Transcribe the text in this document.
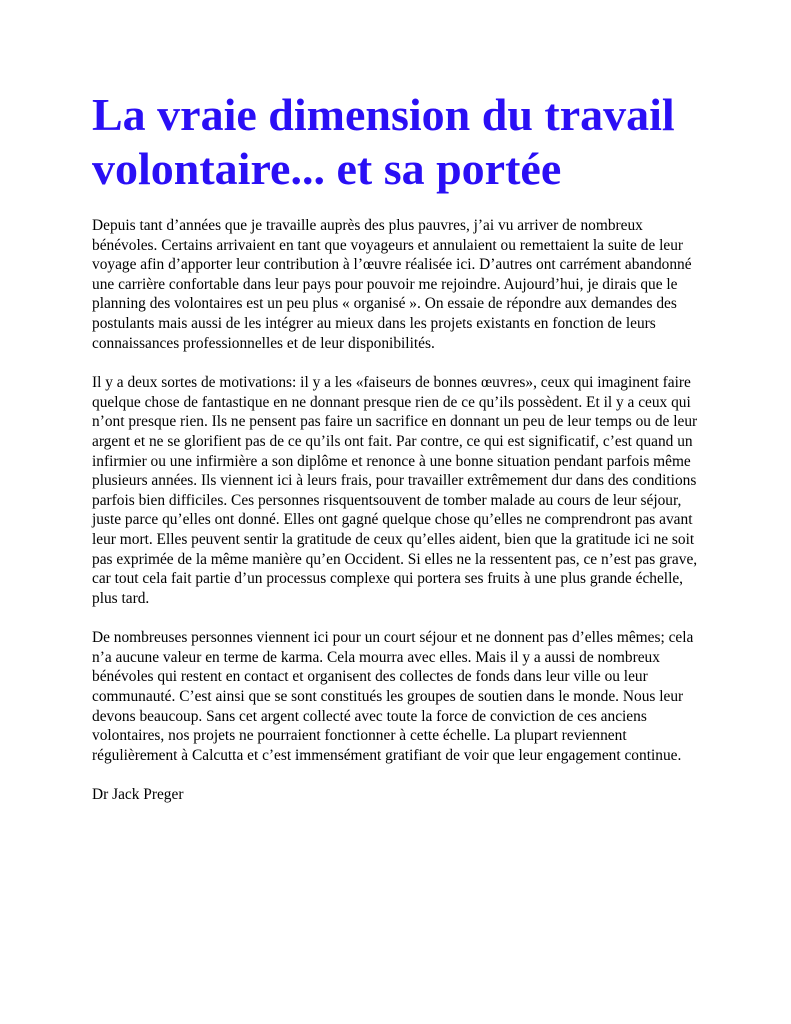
La vraie dimension du travail volontaire... et sa portée

Depuis tant d’années que je travaille auprès des plus pauvres, j’ai vu arriver de nombreux bénévoles. Certains arrivaient en tant que voyageurs et annulaient ou remettaient la suite de leur voyage afin d’apporter leur contribution à l’œuvre réalisée ici. D’autres ont carrément abandonné une carrière confortable dans leur pays pour pouvoir me rejoindre. Aujourd’hui, je dirais que le planning des volontaires est un peu plus « organisé ». On essaie de répondre aux demandes des postulants mais aussi de les intégrer au mieux dans les projets existants en fonction de leurs connaissances professionnelles et de leur disponibilités.

Il y a deux sortes de motivations: il y a les «faiseurs de bonnes œuvres», ceux qui imaginent faire quelque chose de fantastique en ne donnant presque rien de ce qu’ils possèdent. Et il y a ceux qui n’ont presque rien. Ils ne pensent pas faire un sacrifice en donnant un peu de leur temps ou de leur argent et ne se glorifient pas de ce qu’ils ont fait. Par contre, ce qui est significatif, c’est quand un infirmier ou une infirmière a son diplôme et renonce à une bonne situation pendant parfois même plusieurs années. Ils viennent ici à leurs frais, pour travailler extrêmement dur dans des conditions parfois bien difficiles. Ces personnes risquentsouvent de tomber malade au cours de leur séjour, juste parce qu’elles ont donné. Elles ont gagné quelque chose qu’elles ne comprendront pas avant leur mort. Elles peuvent sentir la gratitude de ceux qu’elles aident, bien que la gratitude ici ne soit pas exprimée de la même manière qu’en Occident. Si elles ne la ressentent pas, ce n’est pas grave, car tout cela fait partie d’un processus complexe qui portera ses fruits à une plus grande échelle, plus tard.

De nombreuses personnes viennent ici pour un court séjour et ne donnent pas d’elles mêmes; cela n’a aucune valeur en terme de karma. Cela mourra avec elles. Mais il y a aussi de nombreux bénévoles qui restent en contact et organisent des collectes de fonds dans leur ville ou leur communauté. C’est ainsi que se sont constitués les groupes de soutien dans le monde. Nous leur devons beaucoup. Sans cet argent collecté avec toute la force de conviction de ces anciens volontaires, nos projets ne pourraient fonctionner à cette échelle. La plupart reviennent régulièrement à Calcutta et c’est immensément gratifiant de voir que leur engagement continue.

Dr Jack Preger
